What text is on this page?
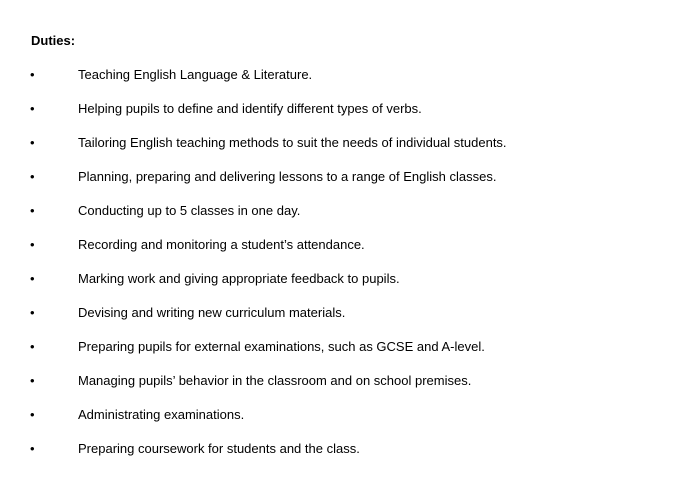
Duties:
•	Teaching English Language & Literature.
•	Helping pupils to define and identify different types of verbs.
•	Tailoring English teaching methods to suit the needs of individual students.
•	Planning, preparing and delivering lessons to a range of English classes.
•	Conducting up to 5 classes in one day.
•	Recording and monitoring a student’s attendance.
•	Marking work and giving appropriate feedback to pupils.
•	Devising and writing new curriculum materials.
•	Preparing pupils for external examinations, such as GCSE and A-level.
•	Managing pupils’ behavior in the classroom and on school premises.
•	Administrating examinations.
•	Preparing coursework for students and the class.
